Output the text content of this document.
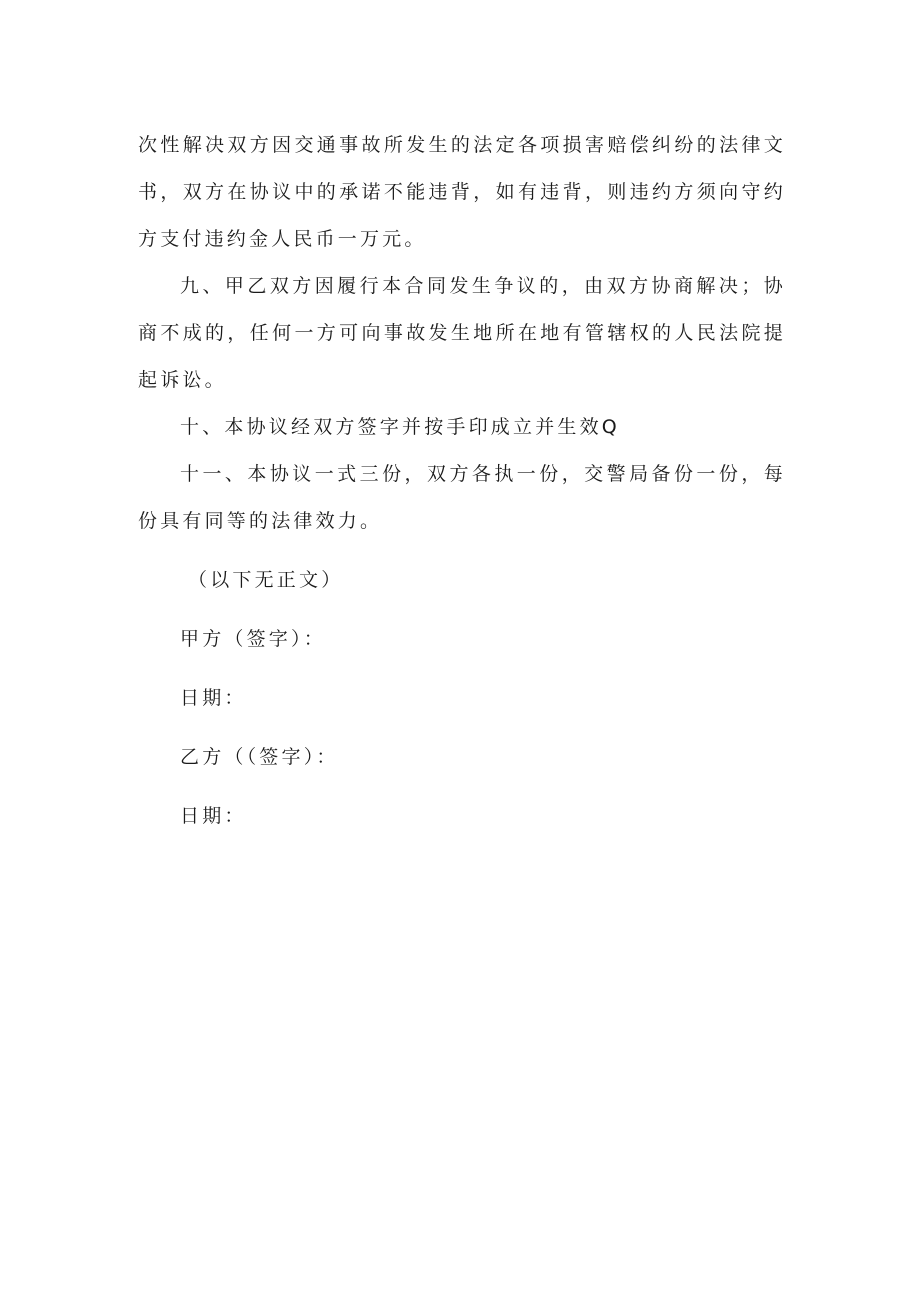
次性解决双方因交通事故所发生的法定各项损害赔偿纠纷的法律文书，双方在协议中的承诺不能违背，如有违背，则违约方须向守约方支付违约金人民币一万元。

九、甲乙双方因履行本合同发生争议的，由双方协商解决；协商不成的，任何一方可向事故发生地所在地有管辖权的人民法院提起诉讼。

十、本协议经双方签字并按手印成立并生效Q

十一、本协议一式三份，双方各执一份，交警局备份一份，每份具有同等的法律效力。

（以下无正文）

甲方（签字）：

日期：

乙方（（签字）：

日期：
